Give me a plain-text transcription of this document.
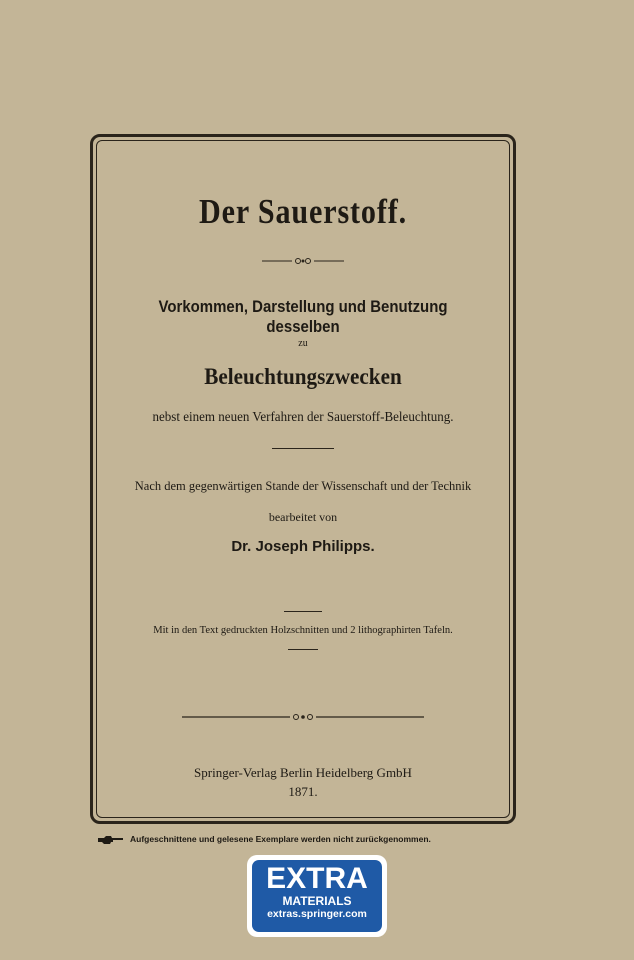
Der Sauerstoff.
Vorkommen, Darstellung und Benutzung desselben
zu
Beleuchtungszwecken
nebst einem neuen Verfahren der Sauerstoff-Beleuchtung.
Nach dem gegenwärtigen Stande der Wissenschaft und der Technik
bearbeitet von
Dr. Joseph Philipps.
Mit in den Text gedruckten Holzschnitten und 2 lithographirten Tafeln.
Springer-Verlag Berlin Heidelberg GmbH
1871.
Aufgeschnittene und gelesene Exemplare werden nicht zurückgenommen.
EXTRA
MATERIALS
extras.springer.com
